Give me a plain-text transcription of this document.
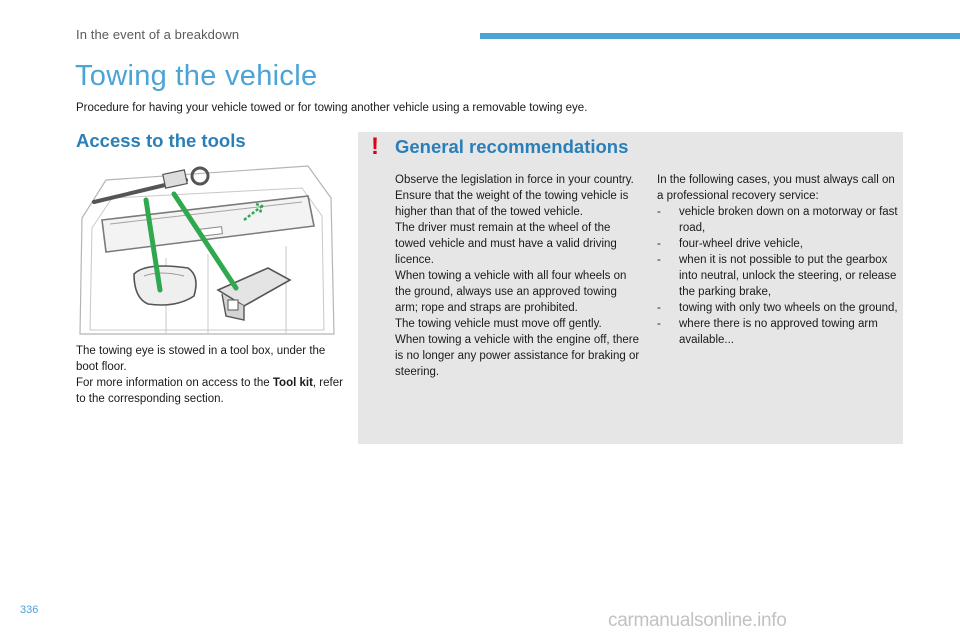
In the event of a breakdown
Towing the vehicle
Procedure for having your vehicle towed or for towing another vehicle using a removable towing eye.
Access to the tools

The towing eye is stowed in a tool box, under the boot floor.

For more information on access to the Tool kit, refer to the corresponding section.

! General recommendations

Observe the legislation in force in your country.

Ensure that the weight of the towing vehicle is higher than that of the towed vehicle.

The driver must remain at the wheel of the towed vehicle and must have a valid driving licence.

When towing a vehicle with all four wheels on the ground, always use an approved towing arm; rope and straps are prohibited.

The towing vehicle must move off gently.

When towing a vehicle with the engine off, there is no longer any power assistance for braking or steering.

In the following cases, you must always call on a professional recovery service:

- vehicle broken down on a motorway or fast road,
- four-wheel drive vehicle,
- when it is not possible to put the gearbox into neutral, unlock the steering, or release the parking brake,
- towing with only two wheels on the ground,
- where there is no approved towing arm available...
336	carmanualsonline.info
